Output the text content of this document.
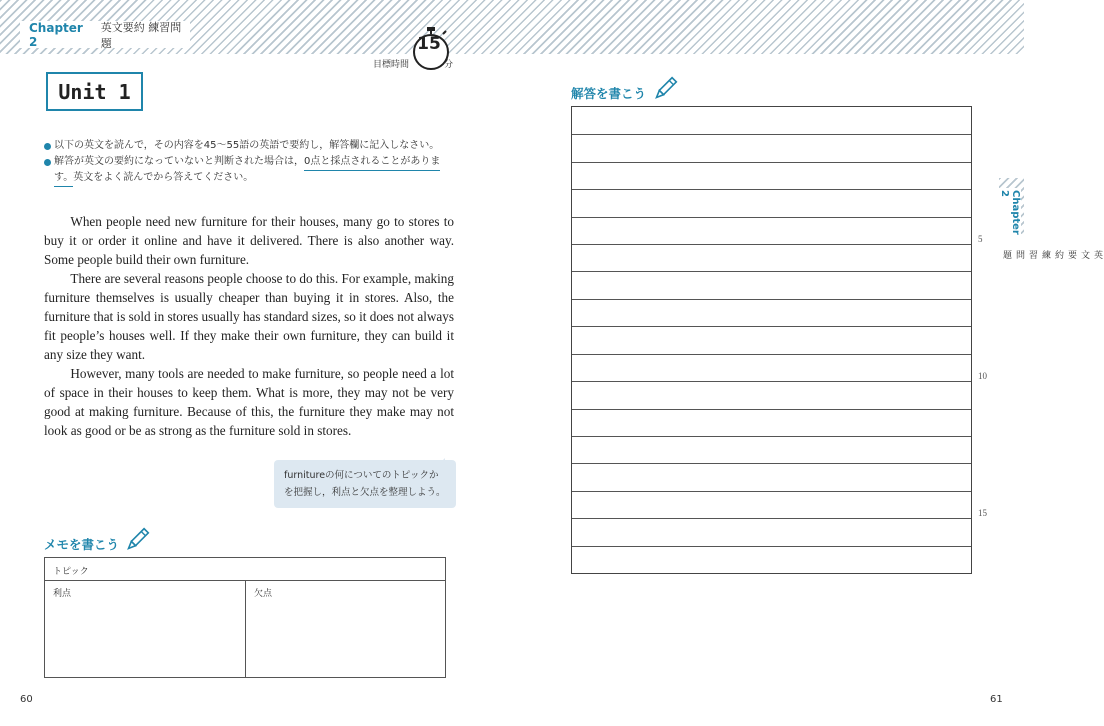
Chapter 2
英文要約 練習問題	15
目標時間	分
Unit 1
以下の英文を読んで，その内容を45〜55語の英語で要約し，解答欄に記入しなさい。
解答が英文の要約になっていないと判断された場合は， 0点と採点されることがありま
す。 英文をよく読んでから答えてください。

When people need new furniture for their houses, many go to stores to buy it or order it online and have it delivered. There is also another way. Some people build their own furniture.

There are several reasons people choose to do this. For example, making furniture themselves is usually cheaper than buying it in stores. Also, the furniture that is sold in stores usually has standard sizes, so it does not always fit people’s houses well. If they make their own furniture, they can build it any size they want.

However, many tools are needed to make furniture, so people need a lot of space in their houses to keep them. What is more, they may not be very good at making furniture. Because of this, the furniture they make may not look as good or be as strong as the furniture sold in stores.

furnitureの何についてのトピックか
を把握し，利点と欠点を整理しよう。
メモを書こう
トピック
利点	欠点
解答を書こう
5
10
15
Chapter 2
英文要約 練習問題
60	61
